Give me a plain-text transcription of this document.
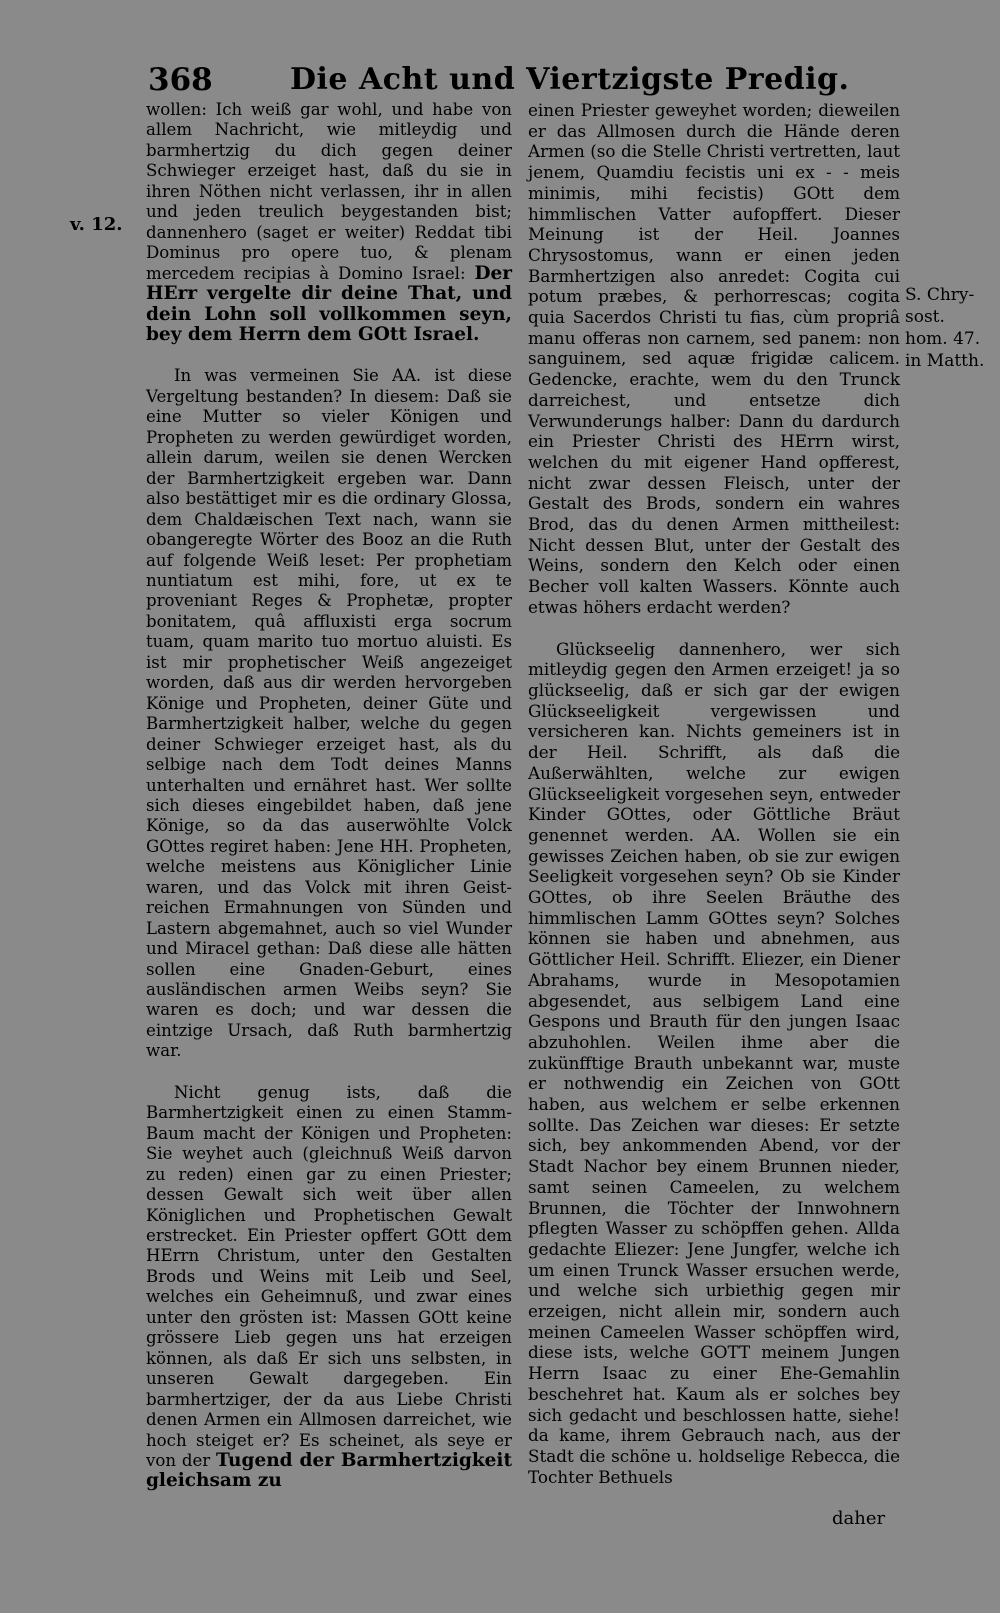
368	Die Acht und Viertzigste Predig.
v. 12.
S. Chry-
sost.
hom. 47.
in Matth.

wollen: Ich weiß gar wohl, und habe von allem Nachricht, wie mitleydig und barmhertzig du dich gegen deiner Schwieger erzeiget hast, daß du sie in ihren Nöthen nicht verlassen, ihr in allen und jeden treulich beygestanden bist; dannenhero (saget er weiter) Reddat tibi Dominus pro opere tuo, & plenam mercedem recipias à Domino Israel: Der HErr vergelte dir deine That, und dein Lohn soll vollkommen seyn, bey dem Herrn dem GOtt Israel.

In was vermeinen Sie AA. ist diese Vergeltung bestanden? In diesem: Daß sie eine Mutter so vieler Königen und Propheten zu werden gewürdiget worden, allein darum, weilen sie denen Wercken der Barmhertzigkeit ergeben war. Dann also bestättiget mir es die ordinary Glossa, dem Chaldæischen Text nach, wann sie obangeregte Wörter des Booz an die Ruth auf folgende Weiß leset: Per prophetiam nuntiatum est mihi, fore, ut ex te proveniant Reges & Prophetæ, propter bonitatem, quâ affluxisti erga socrum tuam, quam marito tuo mortuo aluisti. Es ist mir prophetischer Weiß angezeiget worden, daß aus dir werden hervorgeben Könige und Propheten, deiner Güte und Barmhertzigkeit halber, welche du gegen deiner Schwieger erzeiget hast, als du selbige nach dem Todt deines Manns unterhalten und ernähret hast. Wer sollte sich dieses eingebildet haben, daß jene Könige, so da das auserwöhlte Volck GOttes regiret haben: Jene HH. Propheten, welche meistens aus Königlicher Linie waren, und das Volck mit ihren Geist-reichen Ermahnungen von Sünden und Lastern abgemahnet, auch so viel Wunder und Miracel gethan: Daß diese alle hätten sollen eine Gnaden-Geburt, eines ausländischen armen Weibs seyn? Sie waren es doch; und war dessen die eintzige Ursach, daß Ruth barmhertzig war.

Nicht genug ists, daß die Barmhertzigkeit einen zu einen Stamm-Baum macht der Königen und Propheten: Sie weyhet auch (gleichnuß Weiß darvon zu reden) einen gar zu einen Priester; dessen Gewalt sich weit über allen Königlichen und Prophetischen Gewalt erstrecket. Ein Priester opffert GOtt dem HErrn Christum, unter den Gestalten Brods und Weins mit Leib und Seel, welches ein Geheimnuß, und zwar eines unter den grösten ist: Massen GOtt keine grössere Lieb gegen uns hat erzeigen können, als daß Er sich uns selbsten, in unseren Gewalt dargegeben. Ein barmhertziger, der da aus Liebe Christi denen Armen ein Allmosen darreichet, wie hoch steiget er? Es scheinet, als seye er von der Tugend der Barmhertzigkeit gleichsam zu

einen Priester geweyhet worden; dieweilen er das Allmosen durch die Hände deren Armen (so die Stelle Christi vertretten, laut jenem, Quamdiu fecistis uni ex - - meis minimis, mihi fecistis) GOtt dem himmlischen Vatter aufopffert. Dieser Meinung ist der Heil. Joannes Chrysostomus, wann er einen jeden Barmhertzigen also anredet: Cogita cui potum præbes, & perhorrescas; cogita quia Sacerdos Christi tu fias, cùm propriâ manu offeras non carnem, sed panem: non sanguinem, sed aquæ frigidæ calicem. Gedencke, erachte, wem du den Trunck darreichest, und entsetze dich Verwunderungs halber: Dann du dardurch ein Priester Christi des HErrn wirst, welchen du mit eigener Hand opfferest, nicht zwar dessen Fleisch, unter der Gestalt des Brods, sondern ein wahres Brod, das du denen Armen mittheilest: Nicht dessen Blut, unter der Gestalt des Weins, sondern den Kelch oder einen Becher voll kalten Wassers. Könnte auch etwas höhers erdacht werden?

Glückseelig dannenhero, wer sich mitleydig gegen den Armen erzeiget! ja so glückseelig, daß er sich gar der ewigen Glückseeligkeit vergewissen und versicheren kan. Nichts gemeiners ist in der Heil. Schrifft, als daß die Außerwählten, welche zur ewigen Glückseeligkeit vorgesehen seyn, entweder Kinder GOttes, oder Göttliche Bräut genennet werden. AA. Wollen sie ein gewisses Zeichen haben, ob sie zur ewigen Seeligkeit vorgesehen seyn? Ob sie Kinder GOttes, ob ihre Seelen Bräuthe des himmlischen Lamm GOttes seyn? Solches können sie haben und abnehmen, aus Göttlicher Heil. Schrifft. Eliezer, ein Diener Abrahams, wurde in Mesopotamien abgesendet, aus selbigem Land eine Gespons und Brauth für den jungen Isaac abzuhohlen. Weilen ihme aber die zukünfftige Brauth unbekannt war, muste er nothwendig ein Zeichen von GOtt haben, aus welchem er selbe erkennen sollte. Das Zeichen war dieses: Er setzte sich, bey ankommenden Abend, vor der Stadt Nachor bey einem Brunnen nieder, samt seinen Cameelen, zu welchem Brunnen, die Töchter der Innwohnern pflegten Wasser zu schöpffen gehen. Allda gedachte Eliezer: Jene Jungfer, welche ich um einen Trunck Wasser ersuchen werde, und welche sich urbiethig gegen mir erzeigen, nicht allein mir, sondern auch meinen Cameelen Wasser schöpffen wird, diese ists, welche GOTT meinem Jungen Herrn Isaac zu einer Ehe-Gemahlin beschehret hat. Kaum als er solches bey sich gedacht und beschlossen hatte, siehe! da kame, ihrem Gebrauch nach, aus der Stadt die schöne u. holdselige Rebecca, die Tochter Bethuels

daher
